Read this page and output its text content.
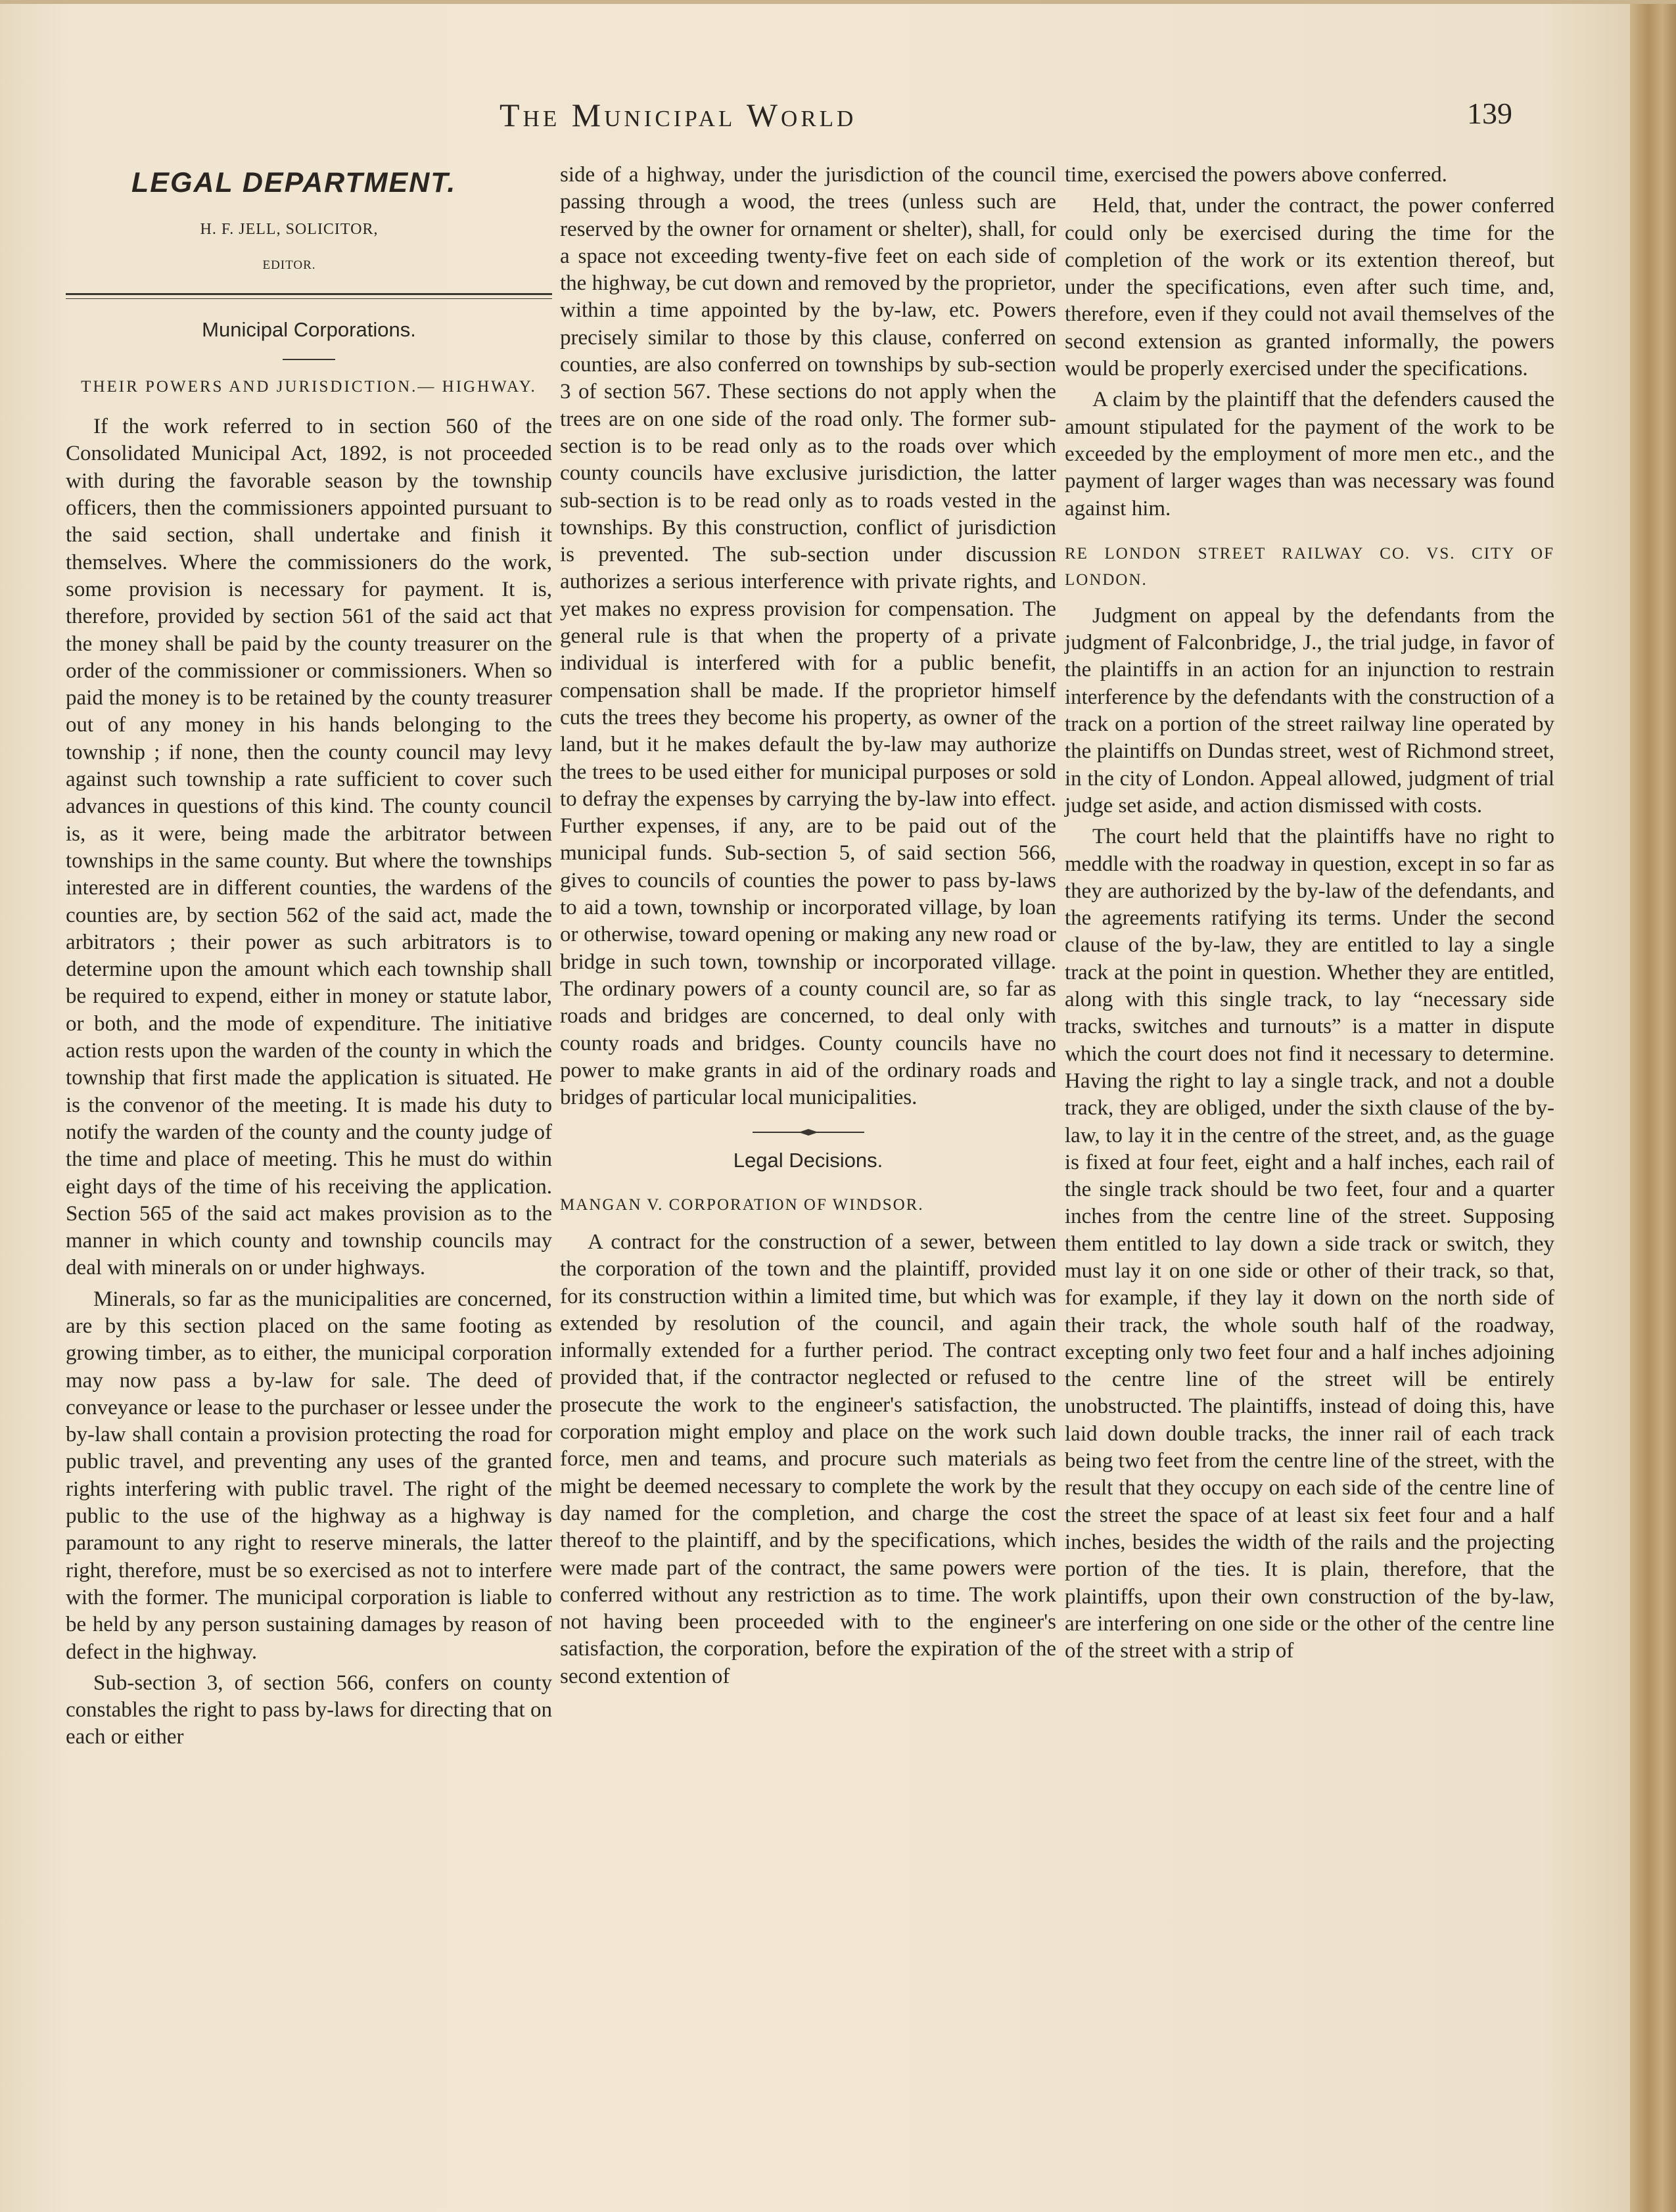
The Municipal World	139
LEGAL DEPARTMENT.
H. F. JELL, SOLICITOR,
EDITOR.
Municipal Corporations.
THEIR POWERS AND JURISDICTION.— HIGHWAY.

If the work referred to in section 560 of the Consolidated Municipal Act, 1892, is not proceeded with during the favorable season by the township officers, then the commissioners appointed pursuant to the said section, shall undertake and finish it themselves. Where the commissioners do the work, some provision is necessary for payment. It is, therefore, provided by section 561 of the said act that the money shall be paid by the county treasurer on the order of the commissioner or commissioners. When so paid the money is to be retained by the county treasurer out of any money in his hands belonging to the township ; if none, then the county council may levy against such township a rate sufficient to cover such advances in questions of this kind. The county council is, as it were, being made the arbitrator between townships in the same county. But where the townships interested are in different counties, the wardens of the counties are, by section 562 of the said act, made the arbitrators ; their power as such arbitrators is to determine upon the amount which each township shall be required to expend, either in money or statute labor, or both, and the mode of expenditure. The initiative action rests upon the warden of the county in which the township that first made the application is situated. He is the convenor of the meeting. It is made his duty to notify the warden of the county and the county judge of the time and place of meeting. This he must do within eight days of the time of his receiving the application. Section 565 of the said act makes provision as to the manner in which county and township councils may deal with minerals on or under highways.

Minerals, so far as the municipalities are concerned, are by this section placed on the same footing as growing timber, as to either, the municipal corporation may now pass a by-law for sale. The deed of conveyance or lease to the purchaser or lessee under the by-law shall contain a provision protecting the road for public travel, and preventing any uses of the granted rights interfering with public travel. The right of the public to the use of the highway as a highway is paramount to any right to reserve minerals, the latter right, therefore, must be so exercised as not to interfere with the former. The municipal corporation is liable to be held by any person sustaining damages by reason of defect in the highway.

Sub-section 3, of section 566, confers on county constables the right to pass by-laws for directing that on each or either

side of a highway, under the jurisdiction of the council passing through a wood, the trees (unless such are reserved by the owner for ornament or shelter), shall, for a space not exceeding twenty-five feet on each side of the highway, be cut down and removed by the proprietor, within a time appointed by the by-law, etc. Powers precisely similar to those by this clause, conferred on counties, are also conferred on townships by sub-section 3 of section 567. These sections do not apply when the trees are on one side of the road only. The former sub-section is to be read only as to the roads over which county councils have exclusive jurisdiction, the latter sub-section is to be read only as to roads vested in the townships. By this construction, conflict of jurisdiction is prevented. The sub-section under discussion authorizes a serious interference with private rights, and yet makes no express provision for compensation. The general rule is that when the property of a private individual is interfered with for a public benefit, compensation shall be made. If the proprietor himself cuts the trees they become his property, as owner of the land, but it he makes default the by-law may authorize the trees to be used either for municipal purposes or sold to defray the expenses by carrying the by-law into effect. Further expenses, if any, are to be paid out of the municipal funds. Sub-section 5, of said section 566, gives to councils of counties the power to pass by-laws to aid a town, township or incorporated village, by loan or otherwise, toward opening or making any new road or bridge in such town, township or incorporated village. The ordinary powers of a county council are, so far as roads and bridges are concerned, to deal only with county roads and bridges. County councils have no power to make grants in aid of the ordinary roads and bridges of particular local municipalities.

Legal Decisions.
MANGAN V. CORPORATION OF WINDSOR.

A contract for the construction of a sewer, between the corporation of the town and the plaintiff, provided for its construction within a limited time, but which was extended by resolution of the council, and again informally extended for a further period. The contract provided that, if the contractor neglected or refused to prosecute the work to the engineer's satisfaction, the corporation might employ and place on the work such force, men and teams, and procure such materials as might be deemed necessary to complete the work by the day named for the completion, and charge the cost thereof to the plaintiff, and by the specifications, which were made part of the contract, the same powers were conferred without any restriction as to time. The work not having been proceeded with to the engineer's satisfaction, the corporation, before the expiration of the second extention of

time, exercised the powers above conferred.

Held, that, under the contract, the power conferred could only be exercised during the time for the completion of the work or its extention thereof, but under the specifications, even after such time, and, therefore, even if they could not avail themselves of the second extension as granted informally, the powers would be properly exercised under the specifications.

A claim by the plaintiff that the defenders caused the amount stipulated for the payment of the work to be exceeded by the employment of more men etc., and the payment of larger wages than was necessary was found against him.

RE LONDON STREET RAILWAY CO. VS. CITY OF LONDON.

Judgment on appeal by the defendants from the judgment of Falconbridge, J., the trial judge, in favor of the plaintiffs in an action for an injunction to restrain interference by the defendants with the construction of a track on a portion of the street railway line operated by the plaintiffs on Dundas street, west of Richmond street, in the city of London. Appeal allowed, judgment of trial judge set aside, and action dismissed with costs.

The court held that the plaintiffs have no right to meddle with the roadway in question, except in so far as they are authorized by the by-law of the defendants, and the agreements ratifying its terms. Under the second clause of the by-law, they are entitled to lay a single track at the point in question. Whether they are entitled, along with this single track, to lay “necessary side tracks, switches and turnouts” is a matter in dispute which the court does not find it necessary to determine. Having the right to lay a single track, and not a double track, they are obliged, under the sixth clause of the by-law, to lay it in the centre of the street, and, as the guage is fixed at four feet, eight and a half inches, each rail of the single track should be two feet, four and a quarter inches from the centre line of the street. Supposing them entitled to lay down a side track or switch, they must lay it on one side or other of their track, so that, for example, if they lay it down on the north side of their track, the whole south half of the roadway, excepting only two feet four and a half inches adjoining the centre line of the street will be entirely unobstructed. The plaintiffs, instead of doing this, have laid down double tracks, the inner rail of each track being two feet from the centre line of the street, with the result that they occupy on each side of the centre line of the street the space of at least six feet four and a half inches, besides the width of the rails and the projecting portion of the ties. It is plain, therefore, that the plaintiffs, upon their own construction of the by-law, are interfering on one side or the other of the centre line of the street with a strip of
